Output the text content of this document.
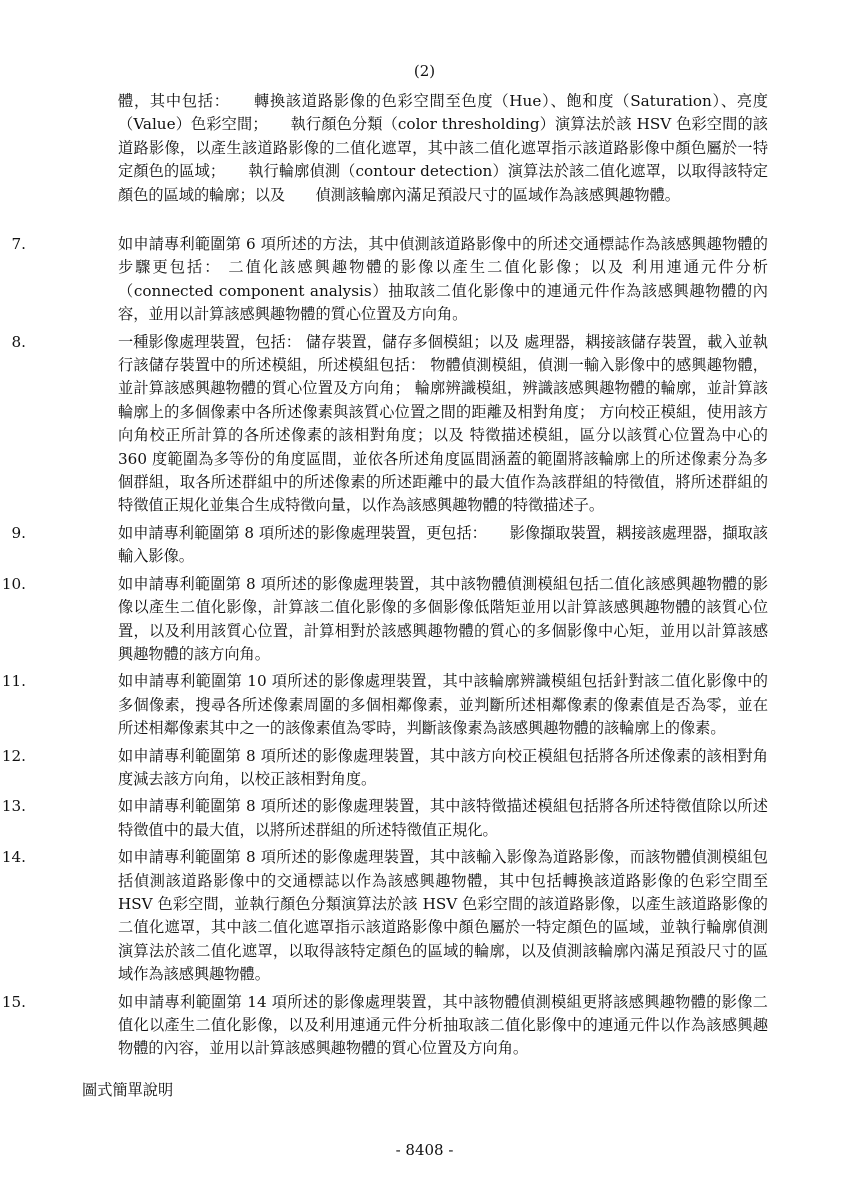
(2)
體，其中包括：　　轉換該道路影像的色彩空間至色度（Hue）、飽和度（Saturation）、亮度（Value）色彩空間；　　執行顏色分類（color thresholding）演算法於該 HSV 色彩空間的該道路影像，以產生該道路影像的二值化遮罩，其中該二值化遮罩指示該道路影像中顏色屬於一特定顏色的區域；　　執行輪廓偵測（contour detection）演算法於該二值化遮罩，以取得該特定顏色的區域的輪廓；以及　　偵測該輪廓內滿足預設尺寸的區域作為該感興趣物體。
7.	如申請專利範圍第 6 項所述的方法，其中偵測該道路影像中的所述交通標誌作為該感興趣物體的步驟更包括： 二值化該感興趣物體的影像以產生二值化影像；以及 利用連通元件分析（connected component analysis）抽取該二值化影像中的連通元件作為該感興趣物體的內容，並用以計算該感興趣物體的質心位置及方向角。
8.	一種影像處理裝置，包括： 儲存裝置，儲存多個模組；以及 處理器，耦接該儲存裝置，載入並執行該儲存裝置中的所述模組，所述模組包括： 物體偵測模組，偵測一輸入影像中的感興趣物體，並計算該感興趣物體的質心位置及方向角； 輪廓辨識模組，辨識該感興趣物體的輪廓，並計算該輪廓上的多個像素中各所述像素與該質心位置之間的距離及相對角度； 方向校正模組，使用該方向角校正所計算的各所述像素的該相對角度；以及 特徵描述模組，區分以該質心位置為中心的 360 度範圍為多等份的角度區間，並依各所述角度區間涵蓋的範圍將該輪廓上的所述像素分為多個群組，取各所述群組中的所述像素的所述距離中的最大值作為該群組的特徵值，將所述群組的特徵值正規化並集合生成特徵向量，以作為該感興趣物體的特徵描述子。
9.	如申請專利範圍第 8 項所述的影像處理裝置，更包括：　　影像擷取裝置，耦接該處理器，擷取該輸入影像。
10.	如申請專利範圍第 8 項所述的影像處理裝置，其中該物體偵測模組包括二值化該感興趣物體的影像以產生二值化影像，計算該二值化影像的多個影像低階矩並用以計算該感興趣物體的該質心位置，以及利用該質心位置，計算相對於該感興趣物體的質心的多個影像中心矩，並用以計算該感興趣物體的該方向角。
11.	如申請專利範圍第 10 項所述的影像處理裝置，其中該輪廓辨識模組包括針對該二值化影像中的多個像素，搜尋各所述像素周圍的多個相鄰像素，並判斷所述相鄰像素的像素值是否為零，並在所述相鄰像素其中之一的該像素值為零時，判斷該像素為該感興趣物體的該輪廓上的像素。
12.	如申請專利範圍第 8 項所述的影像處理裝置，其中該方向校正模組包括將各所述像素的該相對角度減去該方向角，以校正該相對角度。
13.	如申請專利範圍第 8 項所述的影像處理裝置，其中該特徵描述模組包括將各所述特徵值除以所述特徵值中的最大值，以將所述群組的所述特徵值正規化。
14.	如申請專利範圍第 8 項所述的影像處理裝置，其中該輸入影像為道路影像，而該物體偵測模組包括偵測該道路影像中的交通標誌以作為該感興趣物體，其中包括轉換該道路影像的色彩空間至 HSV 色彩空間，並執行顏色分類演算法於該 HSV 色彩空間的該道路影像，以產生該道路影像的二值化遮罩，其中該二值化遮罩指示該道路影像中顏色屬於一特定顏色的區域，並執行輪廓偵測演算法於該二值化遮罩，以取得該特定顏色的區域的輪廓，以及偵測該輪廓內滿足預設尺寸的區域作為該感興趣物體。
15.	如申請專利範圍第 14 項所述的影像處理裝置，其中該物體偵測模組更將該感興趣物體的影像二值化以產生二值化影像，以及利用連通元件分析抽取該二值化影像中的連通元件以作為該感興趣物體的內容，並用以計算該感興趣物體的質心位置及方向角。
圖式簡單說明
- 8408 -
